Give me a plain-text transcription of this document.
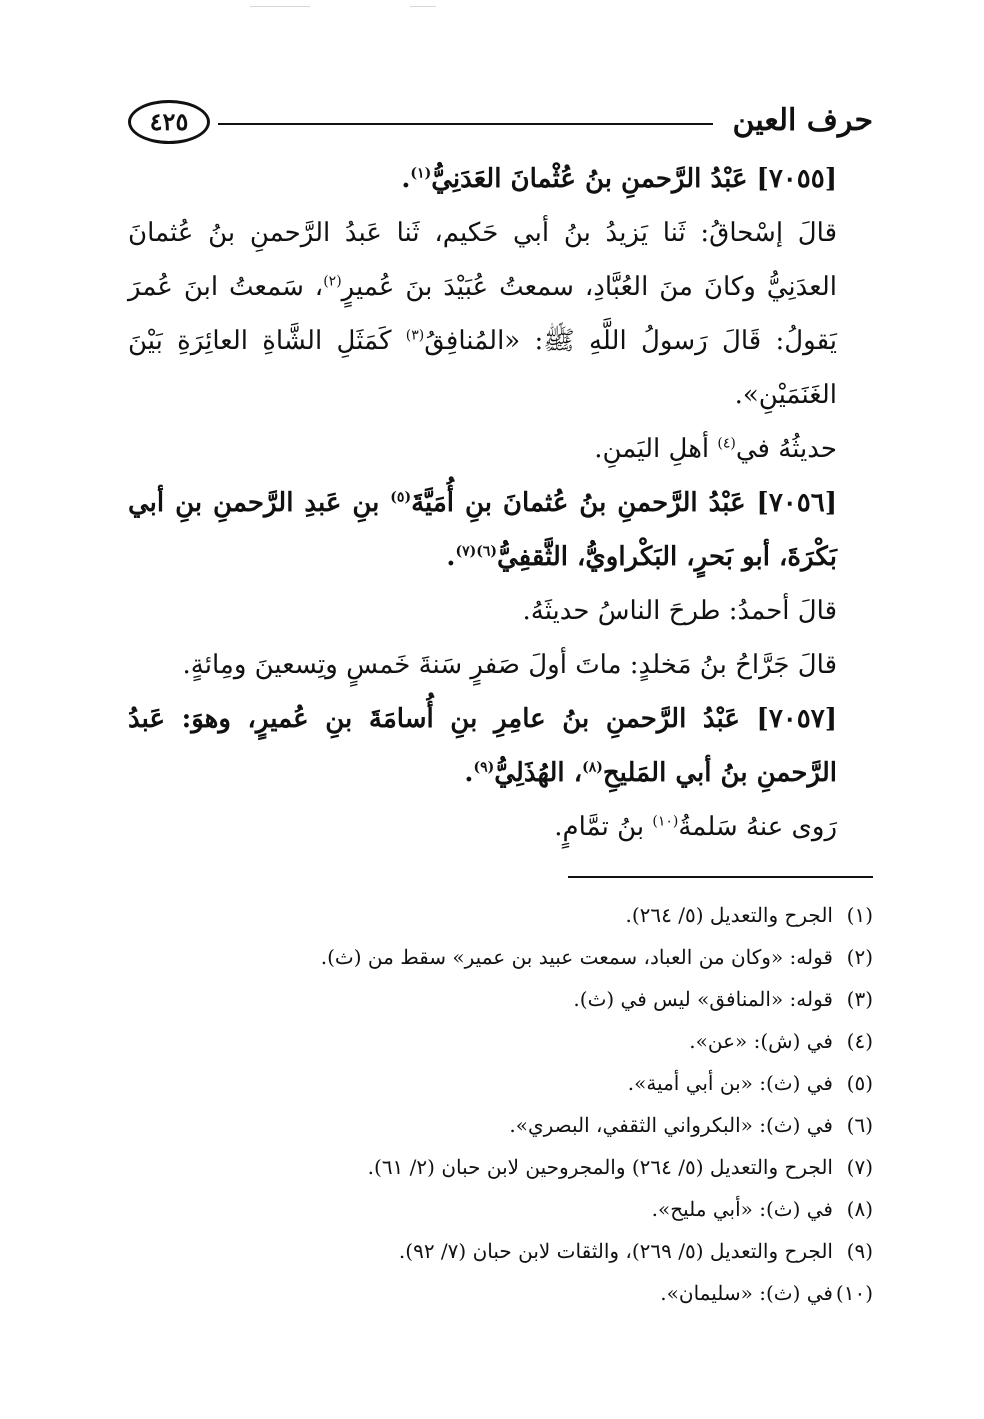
٤٢٥	حرف العين

[٧٠٥٥] عَبْدُ الرَّحمنِ بنُ عُثْمانَ العَدَنِيُّ$^{(١)}$.

قالَ إسْحاقُ: ثَنا يَزيدُ بنُ أبي حَكيم، ثَنا عَبدُ الرَّحمنِ بنُ عُثمانَ العدَنِيُّ وكانَ منَ العُبَّادِ، سمعتُ عُبَيْدَ بنَ عُميرٍ$^{(٢)}$، سَمعتُ ابنَ عُمرَ يَقولُ: قَالَ رَسولُ اللَّهِ ﷺ: «المُنافِقُ$^{(٣)}$ كَمَثَلِ الشَّاةِ العائِرَةِ بَيْنَ الغَنَمَيْنِ».

حديثُهُ في$^{(٤)}$ أهلِ اليَمنِ.

[٧٠٥٦] عَبْدُ الرَّحمنِ بنُ عُثمانَ بنِ أُمَيَّةَ$^{(٥)}$ بنِ عَبدِ الرَّحمنِ بنِ أبي بَكْرَةَ، أبو بَحرٍ، البَكْراويُّ، الثَّقفِيُّ$^{(٦)(٧)}$.

قالَ أحمدُ: طرحَ الناسُ حديثَهُ.

قالَ جَرَّاحُ بنُ مَخلدٍ: ماتَ أولَ صَفرٍ سَنةَ خَمسٍ وتِسعينَ ومِائةٍ.

[٧٠٥٧] عَبْدُ الرَّحمنِ بنُ عامِرِ بنِ أُسامَةَ بنِ عُميرٍ، وهوَ: عَبدُ الرَّحمنِ بنُ أبي المَليحِ$^{(٨)}$، الهُذَلِيُّ$^{(٩)}$.

رَوى عنهُ سَلمةُ$^{(١٠)}$ بنُ تمَّامٍ.

(١)الجرح والتعديل (٥/ ٢٦٤).
(٢)قوله: «وكان من العباد، سمعت عبيد بن عمير» سقط من (ث).
(٣)قوله: «المنافق» ليس في (ث).
(٤)في (ش): «عن».
(٥)في (ث): «بن أبي أمية».
(٦)في (ث): «البكرواني الثقفي، البصري».
(٧)الجرح والتعديل (٥/ ٢٦٤) والمجروحين لابن حبان (٢/ ٦١).
(٨)في (ث): «أبي مليح».
(٩)الجرح والتعديل (٥/ ٢٦٩)، والثقات لابن حبان (٧/ ٩٢).
(١٠)في (ث): «سليمان».
